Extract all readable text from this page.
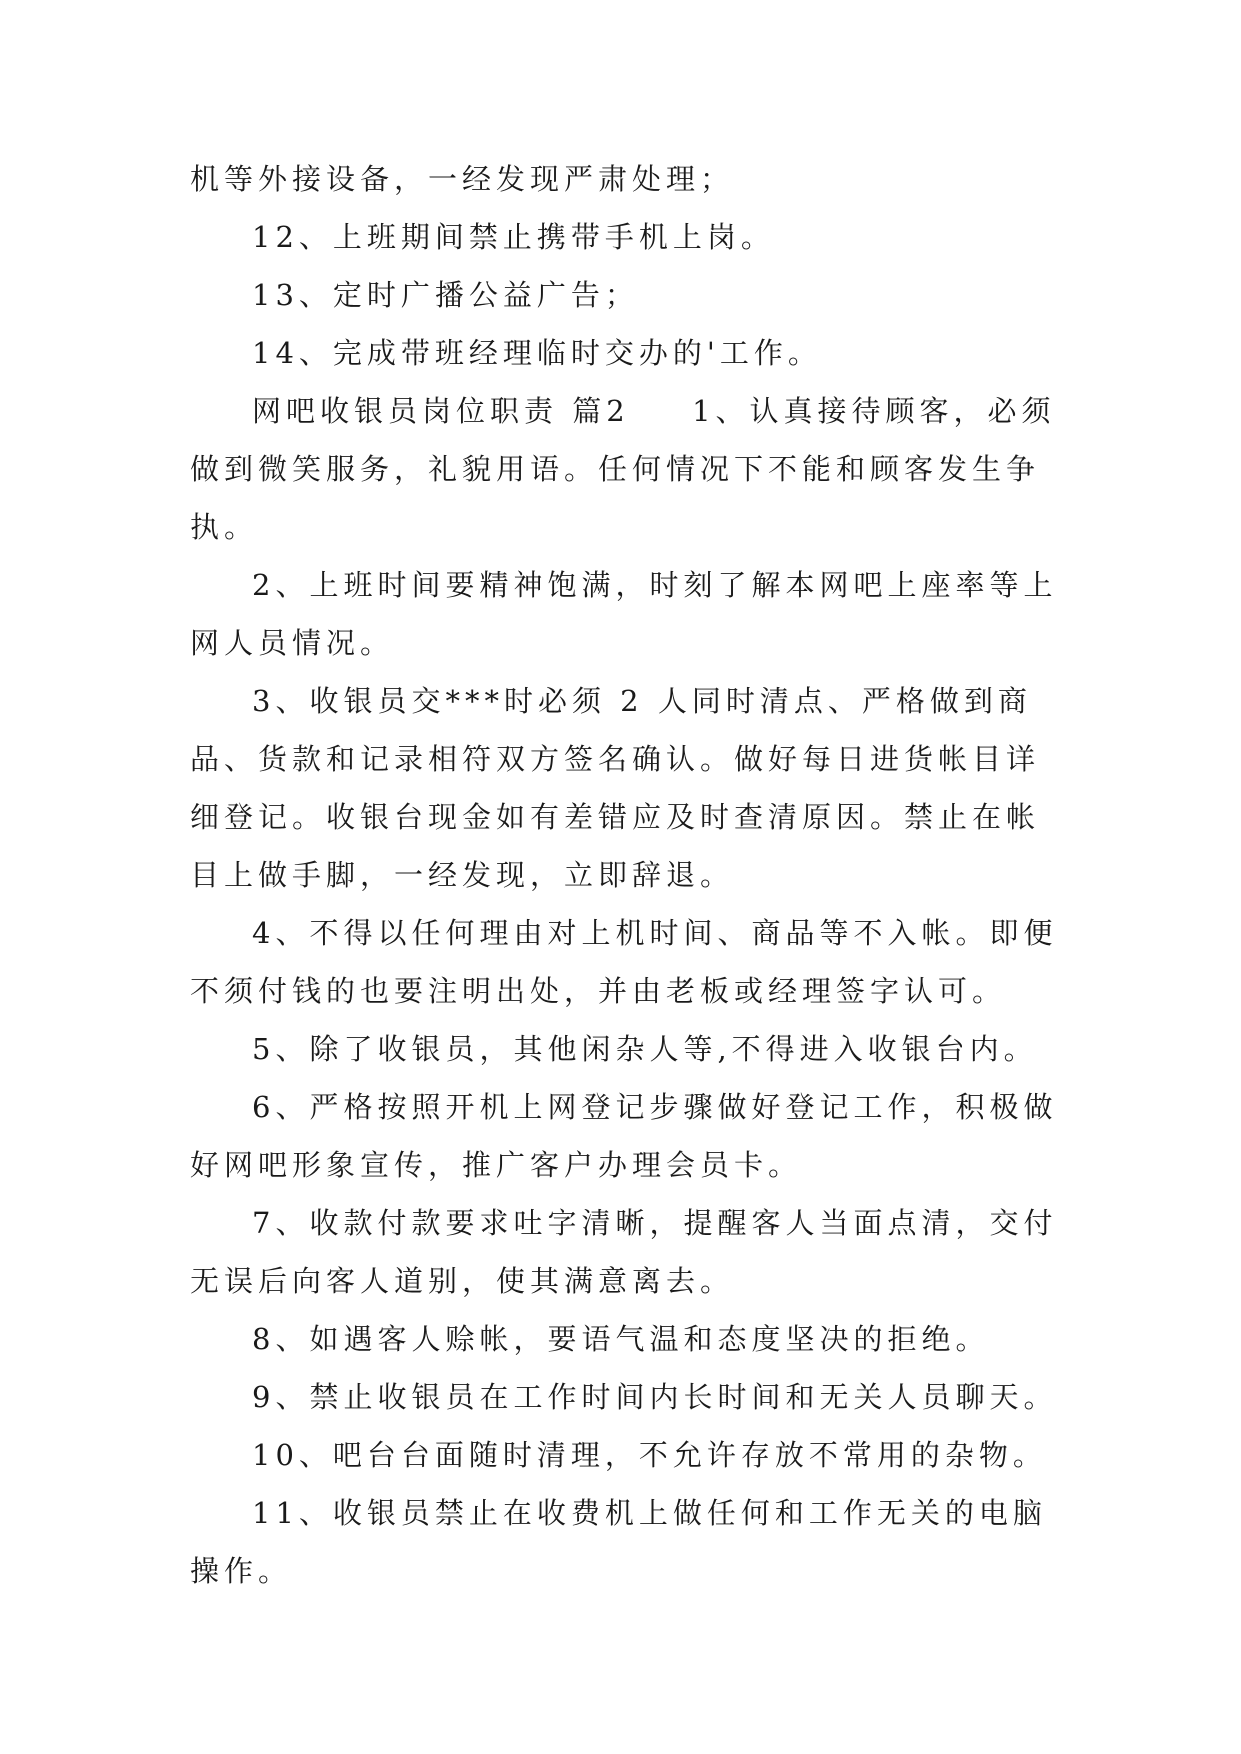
机等外接设备，一经发现严肃处理；

12、上班期间禁止携带手机上岗。

13、定时广播公益广告；

14、完成带班经理临时交办的'工作。

网吧收银员岗位职责 篇2 　 1、认真接待顾客，必须做到微笑服务，礼貌用语。任何情况下不能和顾客发生争执。

2、上班时间要精神饱满，时刻了解本网吧上座率等上网人员情况。

3、收银员交***时必须 2 人同时清点、严格做到商品、货款和记录相符双方签名确认。做好每日进货帐目详细登记。收银台现金如有差错应及时查清原因。禁止在帐目上做手脚，一经发现，立即辞退。

4、不得以任何理由对上机时间、商品等不入帐。即便不须付钱的也要注明出处，并由老板或经理签字认可。

5、除了收银员，其他闲杂人等,不得进入收银台内。

6、严格按照开机上网登记步骤做好登记工作，积极做好网吧形象宣传，推广客户办理会员卡。

7、收款付款要求吐字清晰，提醒客人当面点清，交付无误后向客人道别，使其满意离去。

8、如遇客人赊帐，要语气温和态度坚决的拒绝。

9、禁止收银员在工作时间内长时间和无关人员聊天。

10、吧台台面随时清理，不允许存放不常用的杂物。

11、收银员禁止在收费机上做任何和工作无关的电脑操作。
